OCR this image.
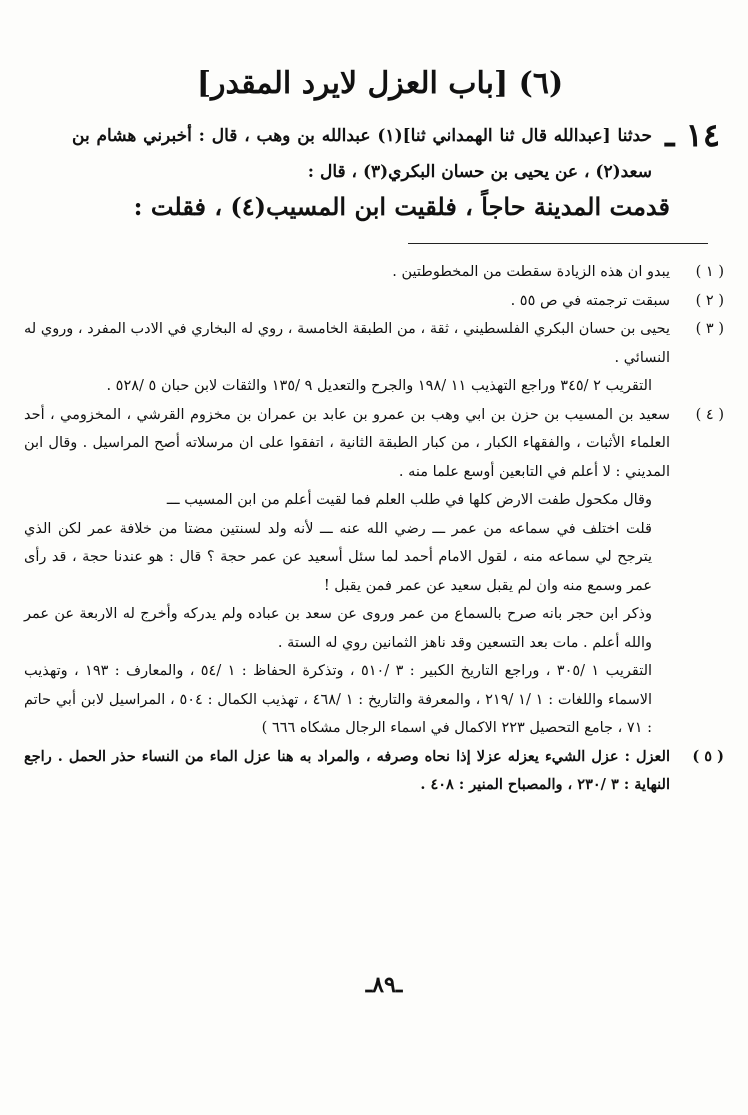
(٦) [باب العزل لايرد المقدر]
١٤ ـ
حدثنا [عبدالله قال ثنا الهمداني ثنا](١) عبدالله بن وهب ، قال : أخبرني هشام بن سعد(٢) ، عن يحيى بن حسان البكري(٣) ، قال :
قدمت المدينة حاجاً ، فلقيت ابن المسيب(٤) ، فقلت :
( ١ )
يبدو ان هذه الزيادة سقطت من المخطوطتين .
( ٢ )
سبقت ترجمته في ص ٥٥ .
( ٣ )
يحيى بن حسان البكري الفلسطيني ، ثقة ، من الطبقة الخامسة ، روي له البخاري في الادب المفرد ، وروي له النسائي .
التقريب ٢ /٣٤٥ وراجع التهذيب ١١ /١٩٨ والجرح والتعديل ٩ /١٣٥ والثقات لابن حبان ٥ /٥٢٨ .
( ٤ )
سعيد بن المسيب بن حزن بن ابي وهب بن عمرو بن عابد بن عمران بن مخزوم القرشي ، المخزومي ، أحد العلماء الأثبات ، والفقهاء الكبار ، من كبار الطبقة الثانية ، اتفقوا على ان مرسلاته أصح المراسيل . وقال ابن المديني : لا أعلم في التابعين أوسع علما منه .
وقال مكحول طفت الارض كلها في طلب العلم فما لقيت أعلم من ابن المسيب ـــ
قلت اختلف في سماعه من عمر ـــ رضي الله عنه ـــ لأنه ولد لسنتين مضتا من خلافة عمر لكن الذي يترجح لي سماعه منه ، لقول الامام أحمد لما سئل أسعيد عن عمر حجة ؟ قال : هو عندنا حجة ، قد رأى عمر وسمع منه وان لم يقبل سعيد عن عمر فمن يقبل !
وذكر ابن حجر بانه صرح بالسماع من عمر وروى عن سعد بن عباده ولم يدركه وأخرج له الاربعة عن عمر والله أعلم . مات بعد التسعين وقد ناهز الثمانين روي له الستة .
التقريب ١ /٣٠٥ ، وراجع التاريخ الكبير : ٣ /٥١٠ ، وتذكرة الحفاظ : ١ /٥٤ ، والمعارف : ١٩٣ ، وتهذيب الاسماء واللغات : ١ /١ /٢١٩ ، والمعرفة والتاريخ : ١ /٤٦٨ ، تهذيب الكمال : ٥٠٤ ، المراسيل لابن أبي حاتم : ٧١ ، جامع التحصيل ٢٢٣ الاكمال في اسماء الرجال مشكاه ٦٦٦ )
( ٥ )
العزل : عزل الشيء يعزله عزلا إذا نحاه وصرفه ، والمراد به هنا عزل الماء من النساء حذر الحمل . راجع النهاية : ٣ /٢٣٠ ، والمصباح المنير : ٤٠٨ .
ـ٨٩ـ
